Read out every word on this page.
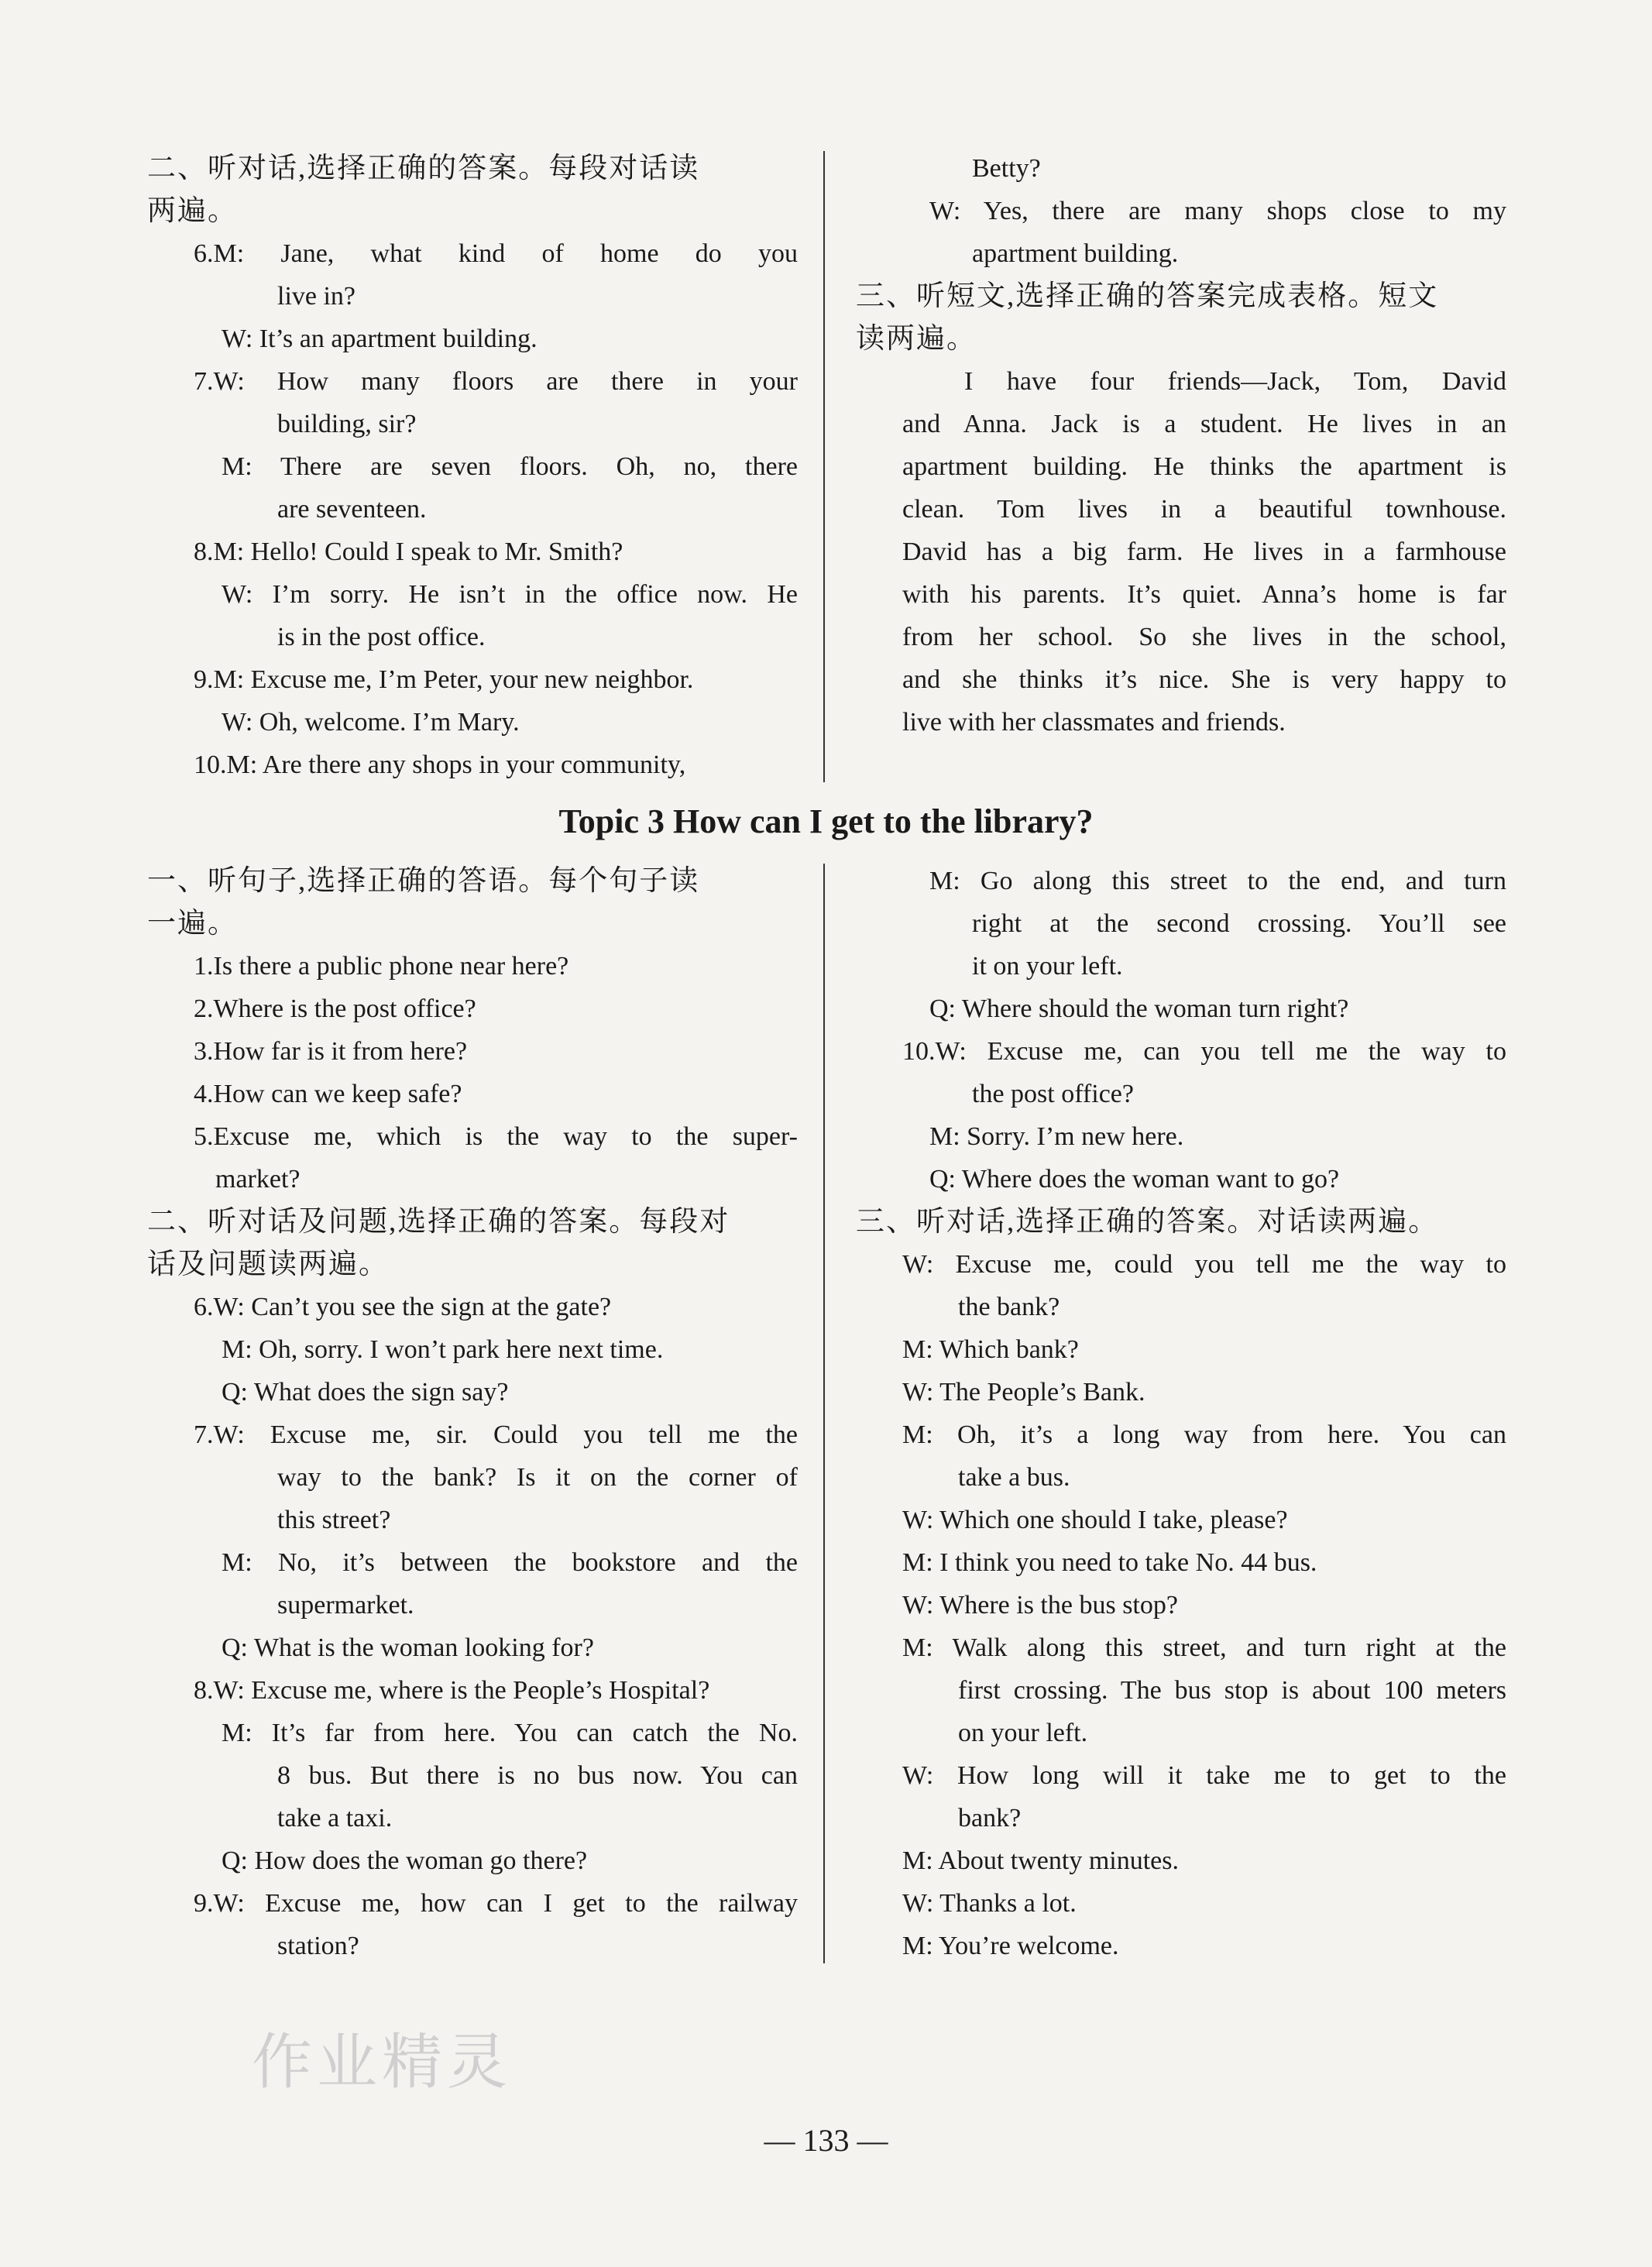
二、听对话,选择正确的答案。每段对话读

两遍。

6.M: Jane, what kind of home do you

live in?

W: It’s an apartment building.

7.W: How many floors are there in your

building, sir?

M: There are seven floors. Oh, no, there

are seventeen.

8.M: Hello! Could I speak to Mr. Smith?

W: I’m sorry. He isn’t in the office now. He

is in the post office.

9.M: Excuse me, I’m Peter, your new neighbor.

W: Oh, welcome. I’m Mary.

10.M: Are there any shops in your community,

Betty?

W: Yes, there are many shops close to my

apartment building.

三、听短文,选择正确的答案完成表格。短文

读两遍。

I have four friends—Jack, Tom, David

and Anna. Jack is a student. He lives in an

apartment building. He thinks the apartment is

clean. Tom lives in a beautiful townhouse.

David has a big farm. He lives in a farmhouse

with his parents. It’s quiet. Anna’s home is far

from her school. So she lives in the school,

and she thinks it’s nice. She is very happy to

live with her classmates and friends.

Topic 3 How can I get to the library?

一、听句子,选择正确的答语。每个句子读

一遍。

1.Is there a public phone near here?

2.Where is the post office?

3.How far is it from here?

4.How can we keep safe?

5.Excuse me, which is the way to the super-

market?

二、听对话及问题,选择正确的答案。每段对

话及问题读两遍。

6.W: Can’t you see the sign at the gate?

M: Oh, sorry. I won’t park here next time.

Q: What does the sign say?

7.W: Excuse me, sir. Could you tell me the

way to the bank? Is it on the corner of

this street?

M: No, it’s between the bookstore and the

supermarket.

Q: What is the woman looking for?

8.W: Excuse me, where is the People’s Hospital?

M: It’s far from here. You can catch the No.

8 bus. But there is no bus now. You can

take a taxi.

Q: How does the woman go there?

9.W: Excuse me, how can I get to the railway

station?

M: Go along this street to the end, and turn

right at the second crossing. You’ll see

it on your left.

Q: Where should the woman turn right?

10.W: Excuse me, can you tell me the way to

the post office?

M: Sorry. I’m new here.

Q: Where does the woman want to go?

三、听对话,选择正确的答案。对话读两遍。

W: Excuse me, could you tell me the way to

the bank?

M: Which bank?

W: The People’s Bank.

M: Oh, it’s a long way from here. You can

take a bus.

W: Which one should I take, please?

M: I think you need to take No. 44 bus.

W: Where is the bus stop?

M: Walk along this street, and turn right at the

first crossing. The bus stop is about 100 meters

on your left.

W: How long will it take me to get to the

bank?

M: About twenty minutes.

W: Thanks a lot.

M: You’re welcome.

作业精灵
— 133 —
